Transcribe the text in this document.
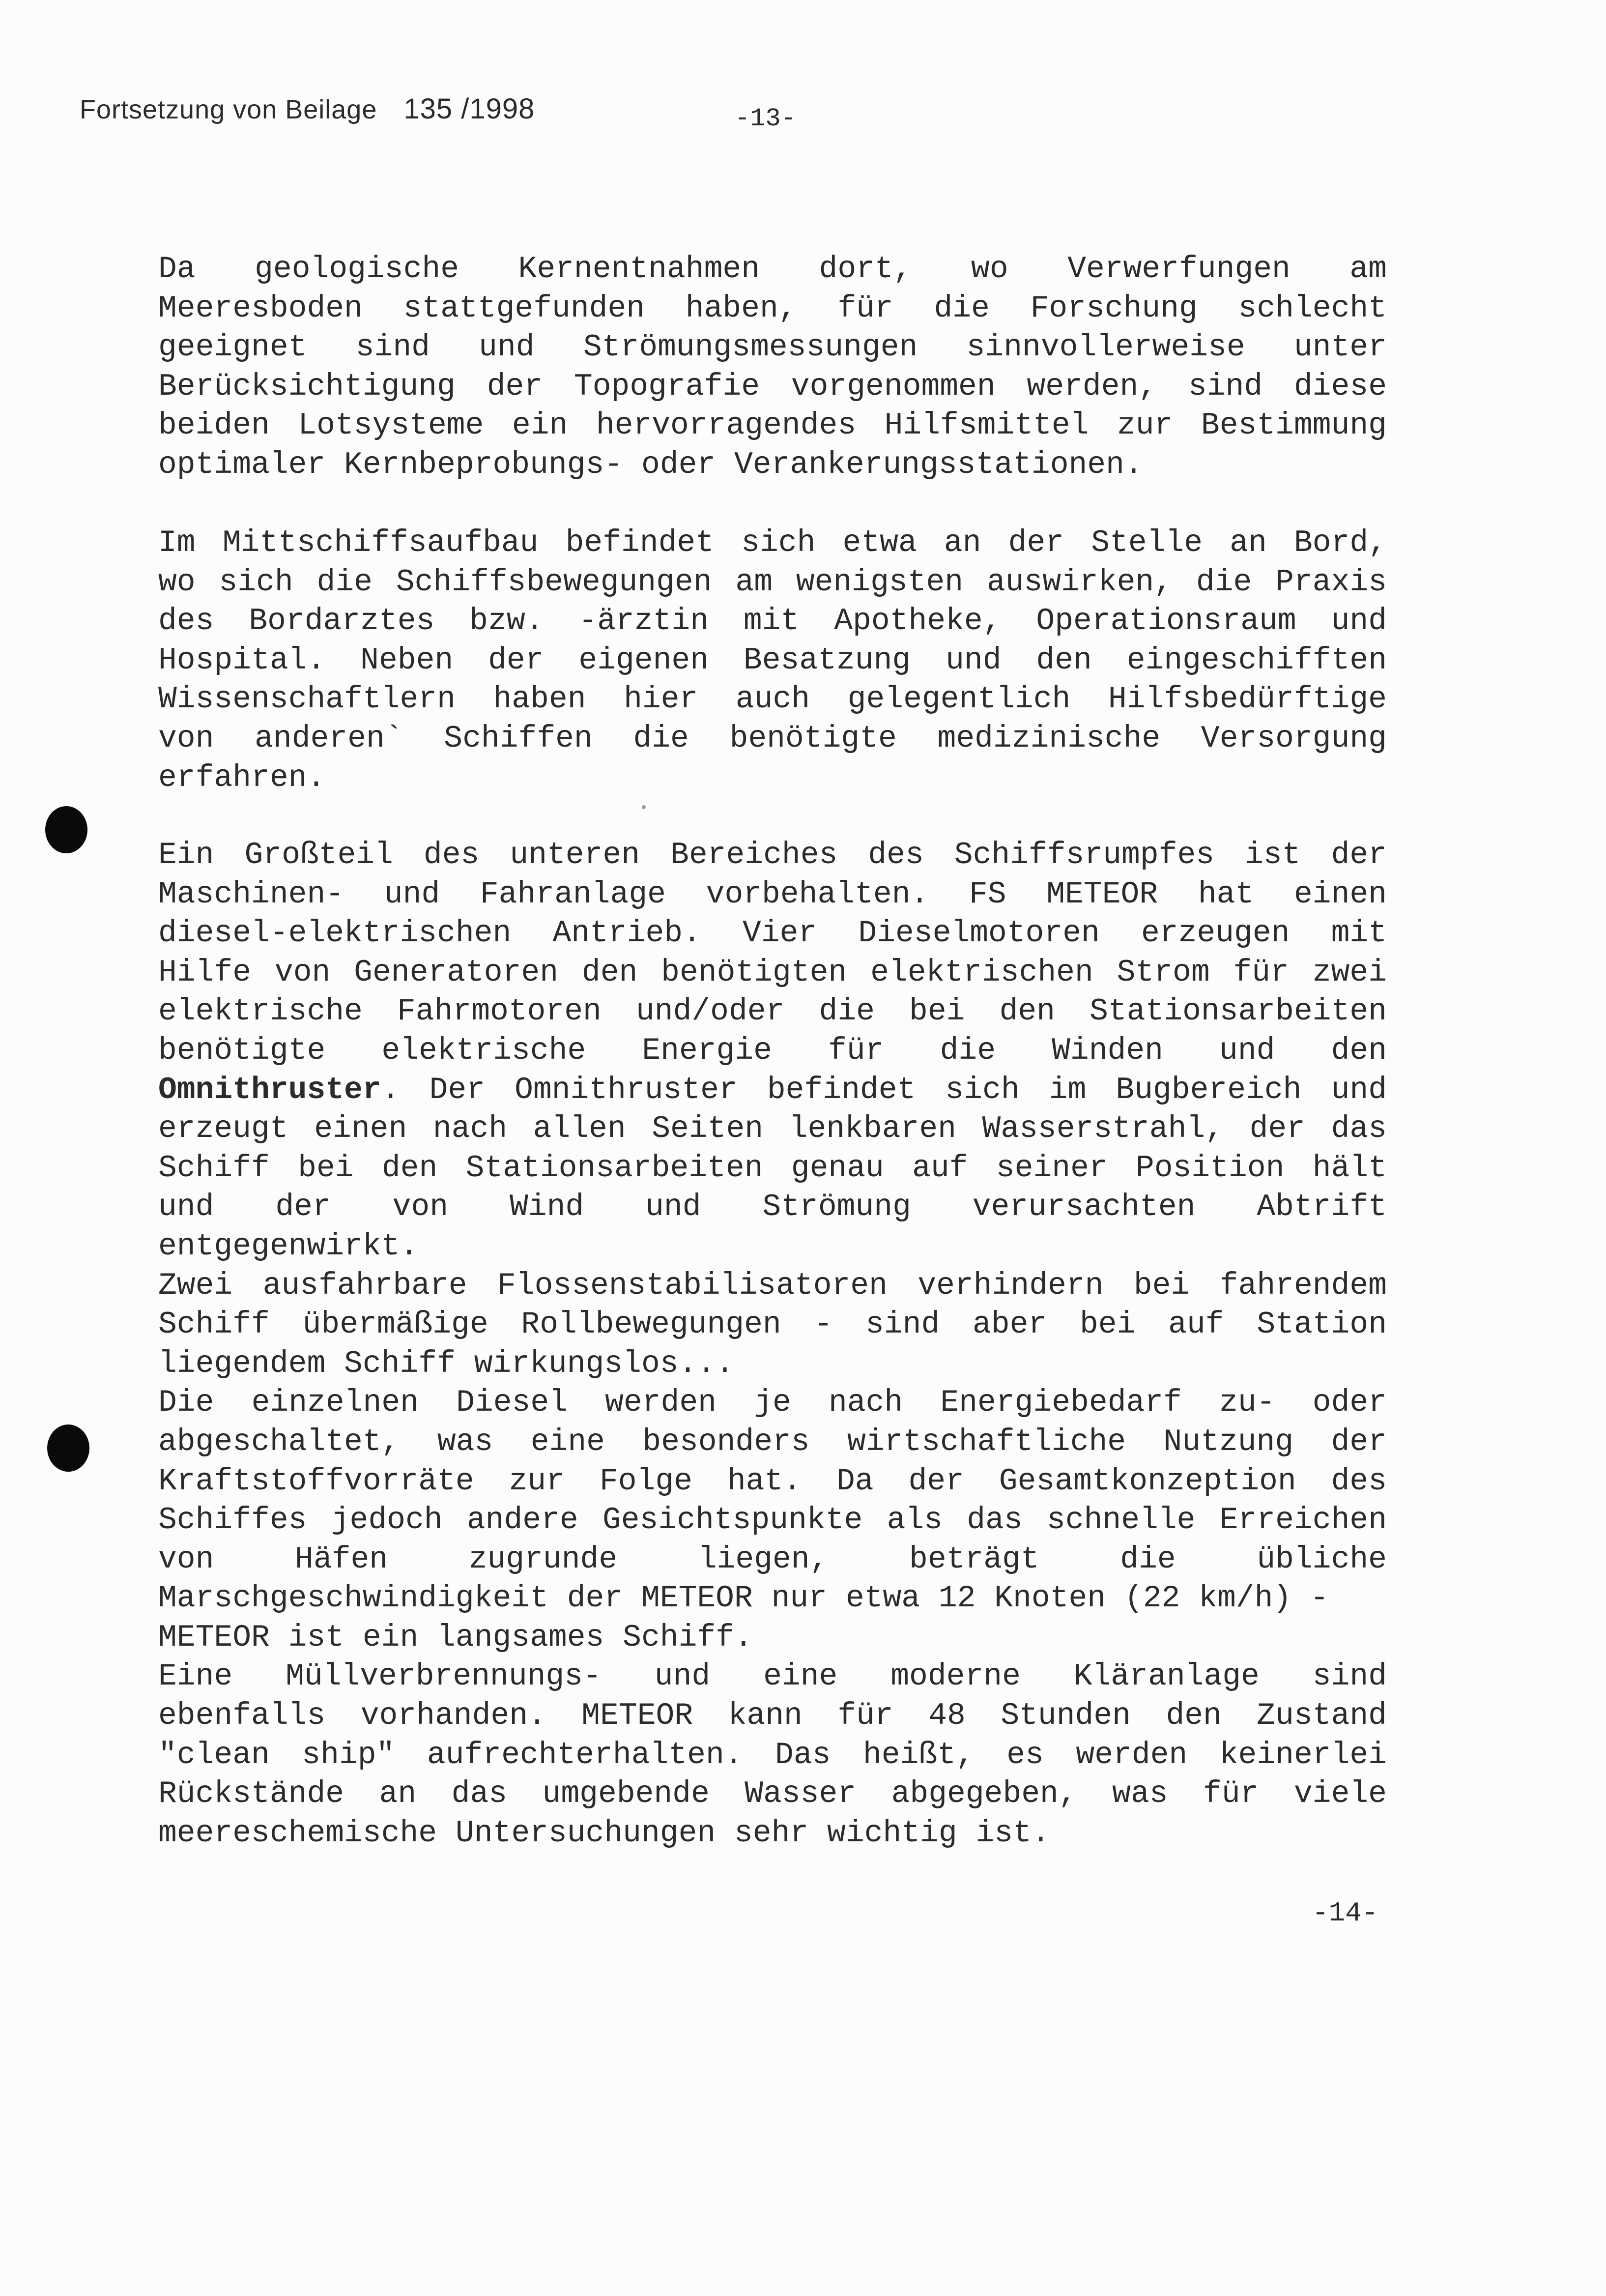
Fortsetzung von Beilage 135 /1998	-13-
Da geologische Kernentnahmen dort, wo Verwerfungen am
Meeresboden stattgefunden haben, für die Forschung schlecht
geeignet sind und Strömungsmessungen sinnvollerweise unter
Berücksichtigung der Topografie vorgenommen werden, sind diese
beiden Lotsysteme ein hervorragendes Hilfsmittel zur Bestimmung
optimaler Kernbeprobungs- oder Verankerungsstationen.
Im Mittschiffsaufbau befindet sich etwa an der Stelle an Bord,
wo sich die Schiffsbewegungen am wenigsten auswirken, die Praxis
des Bordarztes bzw. -ärztin mit Apotheke, Operationsraum und
Hospital. Neben der eigenen Besatzung und den eingeschifften
Wissenschaftlern haben hier auch gelegentlich Hilfsbedürftige
von anderen` Schiffen die benötigte medizinische Versorgung
erfahren.
Ein Großteil des unteren Bereiches des Schiffsrumpfes ist der
Maschinen- und Fahranlage vorbehalten. FS METEOR hat einen
diesel-elektrischen Antrieb. Vier Dieselmotoren erzeugen mit
Hilfe von Generatoren den benötigten elektrischen Strom für zwei
elektrische Fahrmotoren und/oder die bei den Stationsarbeiten
benötigte elektrische Energie für die Winden und den
Omnithruster. Der Omnithruster befindet sich im Bugbereich und
erzeugt einen nach allen Seiten lenkbaren Wasserstrahl, der das
Schiff bei den Stationsarbeiten genau auf seiner Position hält
und der von Wind und Strömung verursachten Abtrift
entgegenwirkt.
Zwei ausfahrbare Flossenstabilisatoren verhindern bei fahrendem
Schiff übermäßige Rollbewegungen - sind aber bei auf Station
liegendem Schiff wirkungslos...
Die einzelnen Diesel werden je nach Energiebedarf zu- oder
abgeschaltet, was eine besonders wirtschaftliche Nutzung der
Kraftstoffvorräte zur Folge hat. Da der Gesamtkonzeption des
Schiffes jedoch andere Gesichtspunkte als das schnelle Erreichen
von Häfen zugrunde liegen, beträgt die übliche
Marschgeschwindigkeit der METEOR nur etwa 12 Knoten (22 km/h) -
METEOR ist ein langsames Schiff.
Eine Müllverbrennungs- und eine moderne Kläranlage sind
ebenfalls vorhanden. METEOR kann für 48 Stunden den Zustand
"clean ship" aufrechterhalten. Das heißt, es werden keinerlei
Rückstände an das umgebende Wasser abgegeben, was für viele
meereschemische Untersuchungen sehr wichtig ist.
-14-
